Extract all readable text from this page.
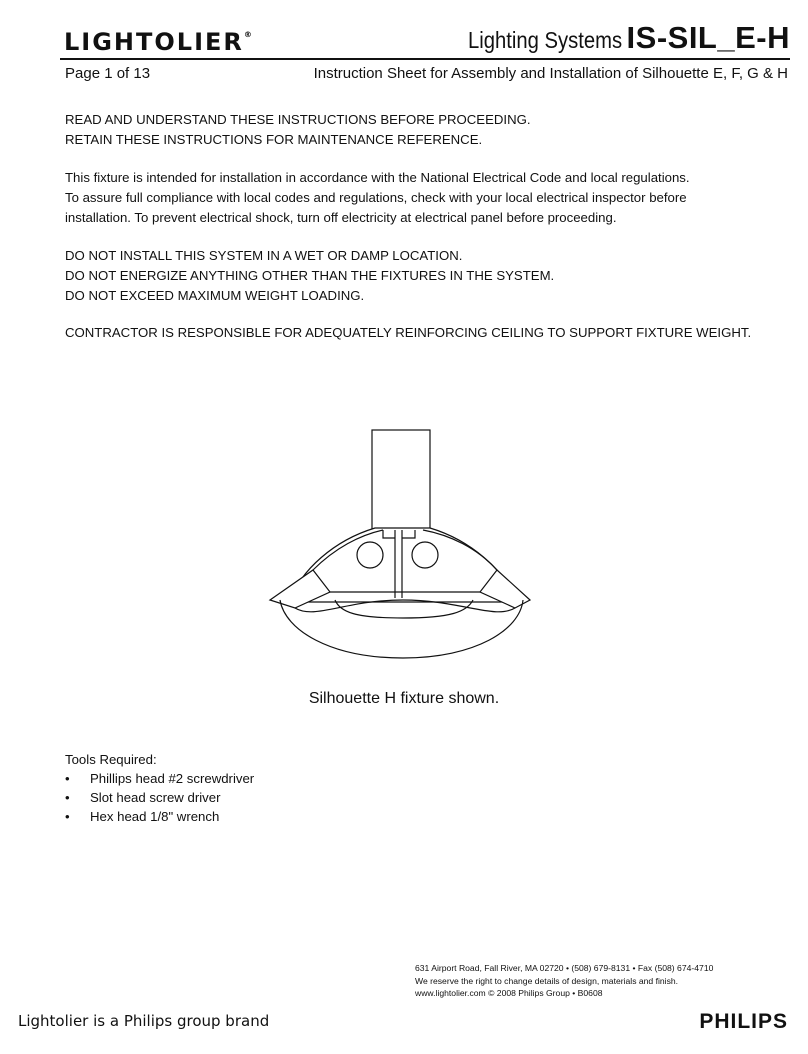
LIGHTOLIER®	Lighting Systems IS-SIL_E-H
Page 1 of 13	Instruction Sheet for Assembly and Installation of Silhouette E, F, G & H

READ AND UNDERSTAND THESE INSTRUCTIONS BEFORE PROCEEDING.

RETAIN THESE INSTRUCTIONS FOR MAINTENANCE REFERENCE.

This fixture is intended for installation in accordance with the National Electrical Code and local regulations.

To assure full compliance with local codes and regulations, check with your local electrical inspector before

installation. To prevent electrical shock, turn off electricity at electrical panel before proceeding.

DO NOT INSTALL THIS SYSTEM IN A WET OR DAMP LOCATION.

DO NOT ENERGIZE ANYTHING OTHER THAN THE FIXTURES IN THE SYSTEM.

DO NOT EXCEED MAXIMUM WEIGHT LOADING.

CONTRACTOR IS RESPONSIBLE FOR ADEQUATELY REINFORCING CEILING TO SUPPORT FIXTURE WEIGHT.

Silhouette H fixture shown.
Tools Required:
• Phillips head #2 screwdriver
• Slot head screw driver
• Hex head 1/8" wrench
631 Airport Road, Fall River, MA 02720 • (508) 679-8131 • Fax (508) 674-4710
We reserve the right to change details of design, materials and finish.
www.lightolier.com © 2008 Philips Group • B0608
Lightolier is a Philips group brand	PHILIPS
